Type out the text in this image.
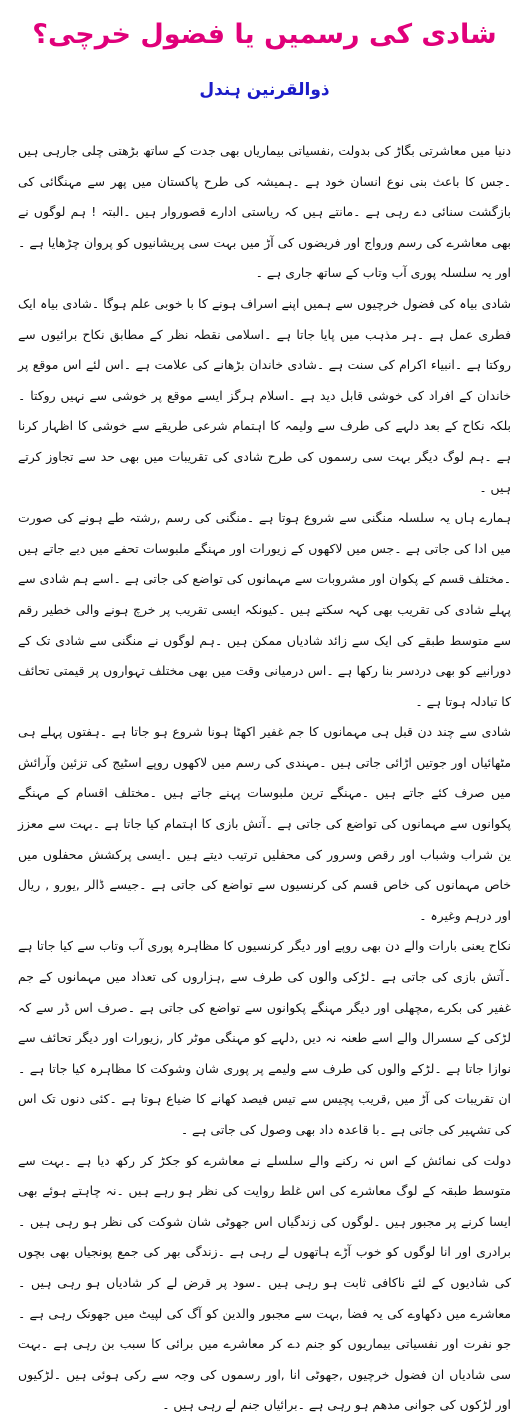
شادی کی رسمیں یا فضول خرچی؟
ذوالقرنین ہندل

دنیا میں معاشرتی بگاڑ کی بدولت ,نفسیاتی بیماریاں بھی جدت کے ساتھ بڑھتی چلی جارہی ہیں ۔جس کا باعث بنی نوع انسان خود ہے ۔ہمیشہ کی طرح پاکستان میں پھر سے مہنگائی کی بازگشت سنائی دے رہی ہے ۔مانتے ہیں کہ ریاستی ادارے قصوروار ہیں ۔البتہ ! ہم لوگوں نے بھی معاشرے کی رسم ورواج اور فریضوں کی آڑ میں بہت سی پریشانیوں کو پروان چڑھایا ہے ۔اور یہ سلسلہ پوری آب وتاب کے ساتھ جاری ہے ۔

شادی بیاہ کی فضول خرچیوں سے ہمیں اپنے اسراف ہونے کا با خوبی علم ہوگا ۔شادی بیاہ ایک فطری عمل ہے ۔ہر مذہب میں پایا جاتا ہے ۔اسلامی نقطہ نظر کے مطابق نکاح برائیوں سے روکتا ہے ۔انبیاء اکرام کی سنت ہے ۔شادی خاندان بڑھانے کی علامت ہے ۔اس لئے اس موقع پر خاندان کے افراد کی خوشی قابل دید ہے ۔اسلام ہرگز ایسے موقع پر خوشی سے نہیں روکتا ۔بلکہ نکاح کے بعد دلہے کی طرف سے ولیمہ کا اہتمام شرعی طریقے سے خوشی کا اظہار کرنا ہے ۔ہم لوگ دیگر بہت سی رسموں کی طرح شادی کی تقریبات میں بھی حد سے تجاوز کرتے ہیں ۔

ہمارے ہاں یہ سلسلہ منگنی سے شروع ہوتا ہے ۔منگنی کی رسم ,رشتہ طے ہونے کی صورت میں ادا کی جاتی ہے ۔جس میں لاکھوں کے زیورات اور مہنگے ملبوسات تحفے میں دیے جاتے ہیں ۔مختلف قسم کے پکوان اور مشروبات سے مہمانوں کی تواضع کی جاتی ہے ۔اسے ہم شادی سے پہلے شادی کی تقریب بھی کہہ سکتے ہیں ۔کیونکہ ایسی تقریب پر خرچ ہونے والی خطیر رقم سے متوسط طبقے کی ایک سے زائد شادیاں ممکن ہیں ۔ہم لوگوں نے منگنی سے شادی تک کے دورانیے کو بھی دردسر بنا رکھا ہے ۔اس درمیانی وقت میں بھی مختلف تہواروں پر قیمتی تحائف کا تبادلہ ہوتا ہے ۔

شادی سے چند دن قبل ہی مہمانوں کا جم غفیر اکھٹا ہونا شروع ہو جاتا ہے ۔ہفتوں پہلے ہی مٹھائیاں اور جوتیں اڑائی جاتی ہیں ۔مہندی کی رسم میں لاکھوں روپے اسٹیج کی تزئین وآرائش میں صرف کئے جاتے ہیں ۔مہنگے ترین ملبوسات پہنے جاتے ہیں ۔مختلف اقسام کے مہنگے پکوانوں سے مہمانوں کی تواضع کی جاتی ہے ۔آتش بازی کا اہتمام کیا جاتا ہے ۔بہت سے معزز ین شراب وشباب اور رقص وسرور کی محفلیں ترتیب دیتے ہیں ۔ایسی پرکشش محفلوں میں خاص مہمانوں کی خاص قسم کی کرنسیوں سے تواضع کی جاتی ہے ۔جیسے ڈالر ,یورو , ریال اور درہم وغیرہ ۔

نکاح یعنی بارات والے دن بھی روپے اور دیگر کرنسیوں کا مظاہرہ پوری آب وتاب سے کیا جاتا ہے ۔آتش بازی کی جاتی ہے ۔لڑکی والوں کی طرف سے ,ہزاروں کی تعداد میں مہمانوں کے جم غفیر کی بکرے ,مچھلی اور دیگر مہنگے پکوانوں سے تواضع کی جاتی ہے ۔صرف اس ڈر سے کہ لڑکی کے سسرال والے اسے طعنہ نہ دیں ,دلہے کو مہنگی موٹر کار ,زیورات اور دیگر تحائف سے نوازا جاتا ہے ۔لڑکے والوں کی طرف سے ولیمے پر پوری شان وشوکت کا مظاہرہ کیا جاتا ہے ۔ان تقریبات کی آڑ میں ,قریب پچیس سے تیس فیصد کھانے کا ضیاع ہوتا ہے ۔کئی دنوں تک اس کی تشہیر کی جاتی ہے ۔با قاعدہ داد بھی وصول کی جاتی ہے ۔

دولت کی نمائش کے اس نہ رکنے والے سلسلے نے معاشرے کو جکڑ کر رکھ دیا ہے ۔بہت سے متوسط طبقہ کے لوگ معاشرے کی اس غلط روایت کی نظر ہو رہے ہیں ۔نہ چاہتے ہوئے بھی ایسا کرنے پر مجبور ہیں ۔لوگوں کی زندگیاں اس جھوٹی شان شوکت کی نظر ہو رہی ہیں ۔برادری اور انا لوگوں کو خوب آڑے ہاتھوں لے رہی ہے ۔زندگی بھر کی جمع پونجیاں بھی بچوں کی شادیوں کے لئے ناکافی ثابت ہو رہی ہیں ۔سود پر قرض لے کر شادیاں ہو رہی ہیں ۔معاشرے میں دکھاوے کی یہ فضا ,بہت سے مجبور والدین کو آگ کی لپیٹ میں جھونک رہی ہے ۔جو نفرت اور نفسیاتی بیماریوں کو جنم دے کر معاشرے میں برائی کا سبب بن رہی ہے ۔بہت سی شادیاں ان فضول خرچیوں ,جھوٹی انا ,اور رسموں کی وجہ سے رکی ہوئی ہیں ۔لڑکیوں اور لڑکوں کی جوانی مدھم ہو رہی ہے ۔برائیاں جنم لے رہی ہیں ۔
